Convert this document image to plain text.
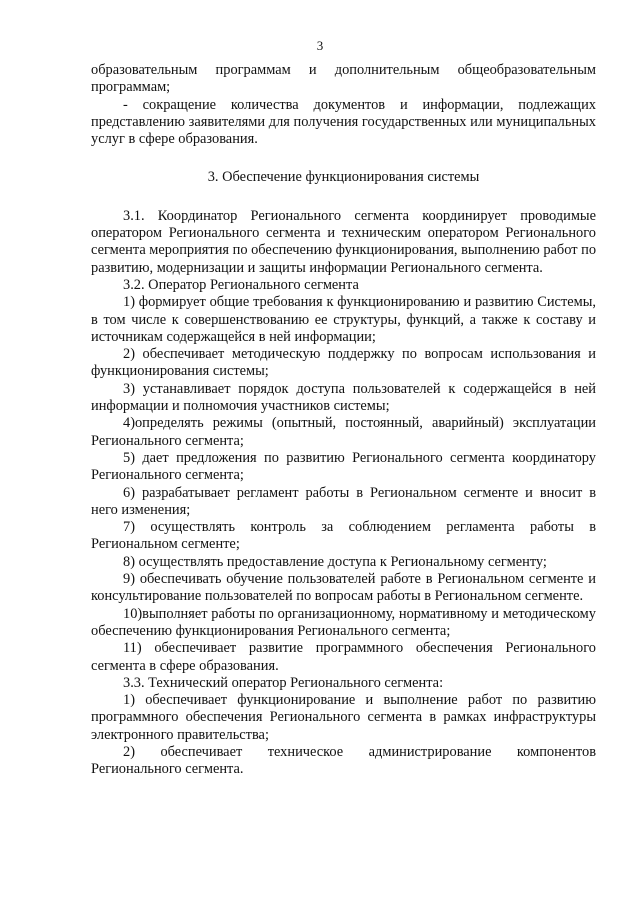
3

образовательным программам и дополнительным общеобразовательным программам;

- сокращение количества документов и информации, подлежащих представлению заявителями для получения государственных или муниципальных услуг в сфере образования.

3. Обеспечение функционирования системы

3.1. Координатор Регионального сегмента координирует проводимые оператором Регионального сегмента и техническим оператором Регионального сегмента мероприятия по обеспечению функционирования, выполнению работ по развитию, модернизации и защиты информации Регионального сегмента.

3.2. Оператор Регионального сегмента

1) формирует общие требования к функционированию и развитию Системы, в том числе к совершенствованию ее структуры, функций, а также к составу и источникам содержащейся в ней информации;

2) обеспечивает методическую поддержку по вопросам использования и функционирования системы;

3) устанавливает порядок доступа пользователей к содержащейся в ней информации и полномочия участников системы;

4)определять режимы (опытный, постоянный, аварийный) эксплуатации Регионального сегмента;

5) дает предложения по развитию Регионального сегмента координатору Регионального сегмента;

6) разрабатывает регламент работы в Региональном сегменте и вносит в него изменения;

7) осуществлять контроль за соблюдением регламента работы в Региональном сегменте;

8) осуществлять предоставление доступа к Региональному сегменту;

9) обеспечивать обучение пользователей работе в Региональном сегменте и консультирование пользователей по вопросам работы в Региональном сегменте.

10)выполняет работы по организационному, нормативному и методическому обеспечению функционирования Регионального сегмента;

11) обеспечивает развитие программного обеспечения Регионального сегмента в сфере образования.

3.3. Технический оператор Регионального сегмента:

1) обеспечивает функционирование и выполнение работ по развитию программного обеспечения Регионального сегмента в рамках инфраструктуры электронного правительства;

2) обеспечивает техническое администрирование компонентов Регионального сегмента.
